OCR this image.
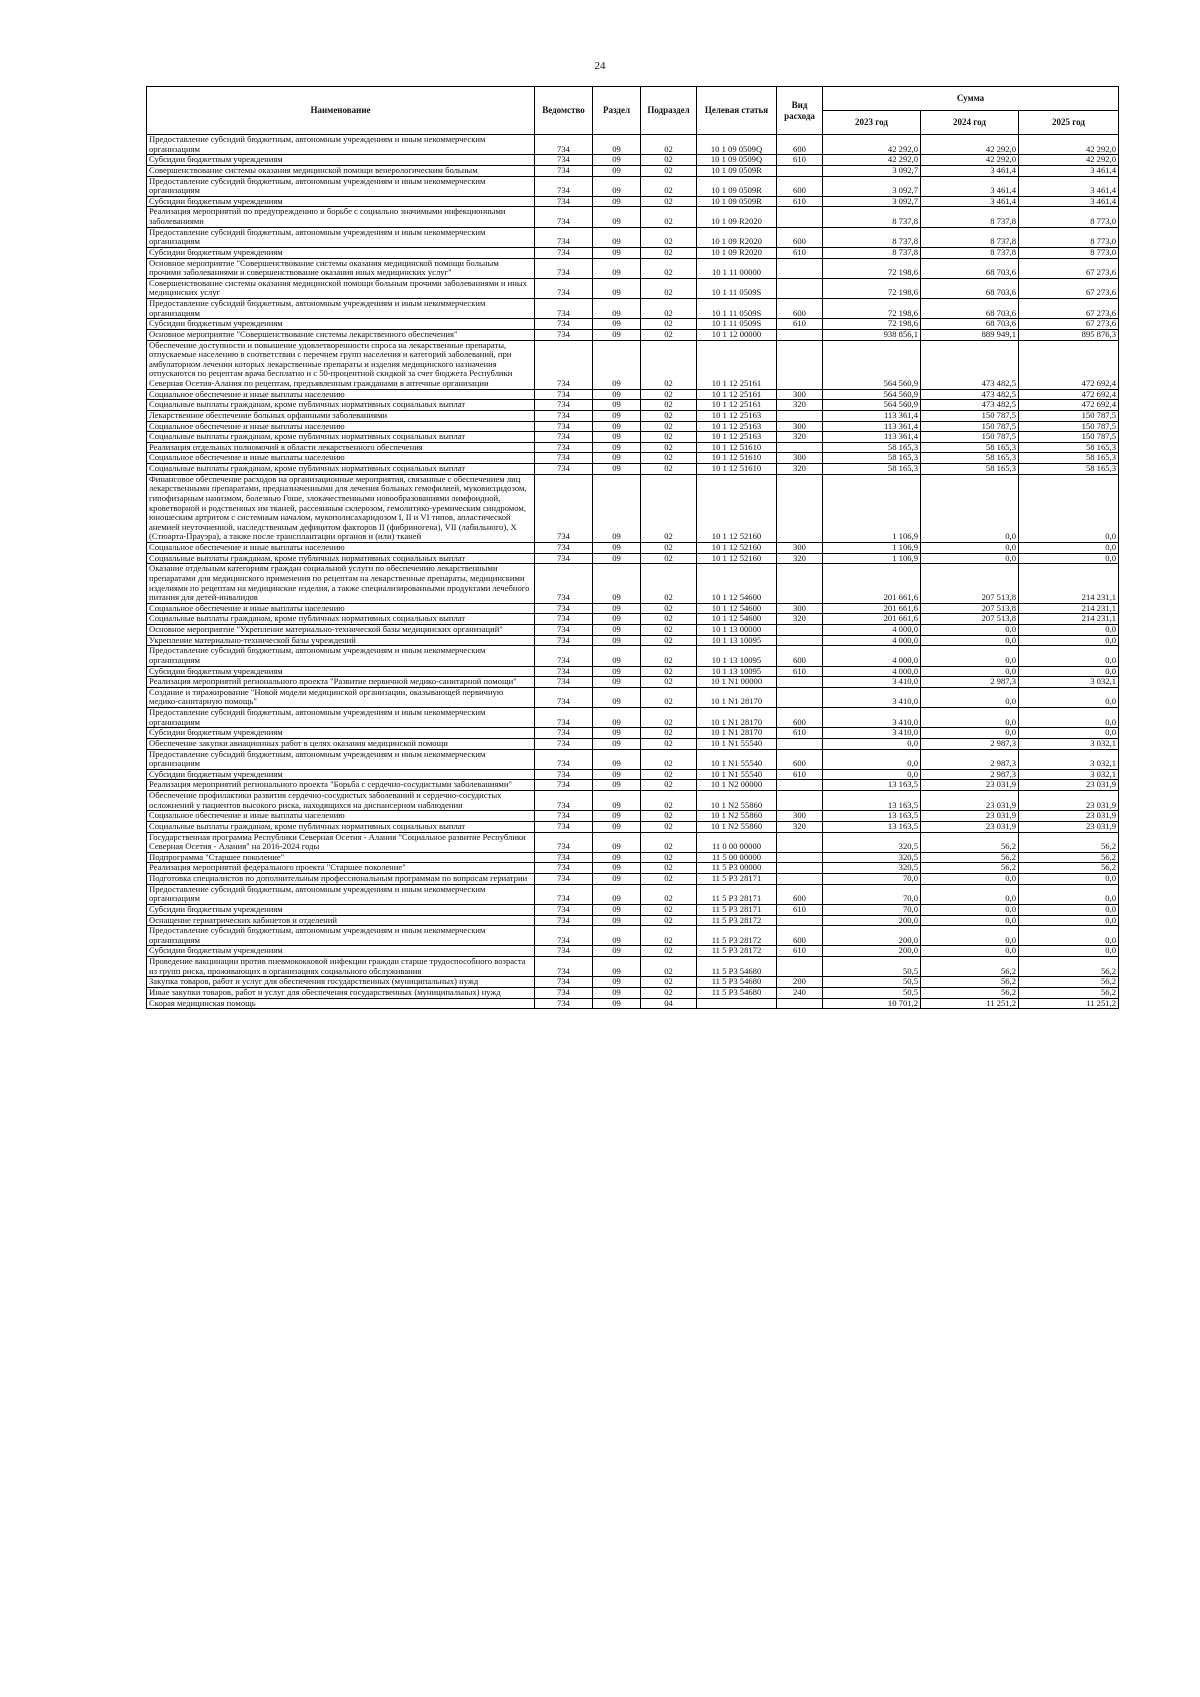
24
Наименование	Ведомство	Раздел	Подраздел	Целевая статья	Вид расхода	Сумма		
						2023 год	2024 год	2025 год
Предоставление субсидий бюджетным, автономным учреждениям и иным некоммерческим организациям	734	09	02	10 1 09 0509Q	600	42 292,0	42 292,0	42 292,0
Субсидии бюджетным учреждениям	734	09	02	10 1 09 0509Q	610	42 292,0	42 292,0	42 292,0
Совершенствование системы оказания медицинской помощи венерологическим больным	734	09	02	10 1 09 0509R		3 092,7	3 461,4	3 461,4
Предоставление субсидий бюджетным, автономным учреждениям и иным некоммерческим организациям	734	09	02	10 1 09 0509R	600	3 092,7	3 461,4	3 461,4
Субсидии бюджетным учреждениям	734	09	02	10 1 09 0509R	610	3 092,7	3 461,4	3 461,4
Реализация мероприятий по предупреждению и борьбе с социально значимыми инфекционными заболеваниями	734	09	02	10 1 09 R2020		8 737,8	8 737,8	8 773,0
Предоставление субсидий бюджетным, автономным учреждениям и иным некоммерческим организациям	734	09	02	10 1 09 R2020	600	8 737,8	8 737,8	8 773,0
Субсидии бюджетным учреждениям	734	09	02	10 1 09 R2020	610	8 737,8	8 737,8	8 773,0
Основное мероприятие "Совершенствование системы оказания медицинской помощи больным прочими заболеваниями и совершенствование оказания иных медицинских услуг"	734	09	02	10 1 11 00000		72 198,6	68 703,6	67 273,6
Совершенствование системы оказания медицинской помощи больным прочими заболеваниями и иных медицинских услуг	734	09	02	10 1 11 0509S		72 198,6	68 703,6	67 273,6
Предоставление субсидий бюджетным, автономным учреждениям и иным некоммерческим организациям	734	09	02	10 1 11 0509S	600	72 198,6	68 703,6	67 273,6
Субсидии бюджетным учреждениям	734	09	02	10 1 11 0509S	610	72 198,6	68 703,6	67 273,6
Основное мероприятие "Совершенствование системы лекарственного обеспечения"	734	09	02	10 1 12 00000		938 856,1	889 949,1	895 876,3
Обеспечение доступности и повышение удовлетворенности спроса на лекарственные препараты, отпускаемые населению в соответствии с перечнем групп населения и категорий заболеваний, при амбулаторном лечении которых лекарственные препараты и изделия медицинского назначения отпускаются по рецептам врача бесплатно и с 50-процентной скидкой за счет бюджета Республики Северная Осетия-Алания по рецептам, предъявленным гражданами в аптечные организации	734	09	02	10 1 12 25161		564 560,9	473 482,5	472 692,4
Социальное обеспечение и иные выплаты населению	734	09	02	10 1 12 25161	300	564 560,9	473 482,5	472 692,4
Социальные выплаты гражданам, кроме публичных нормативных социальных выплат	734	09	02	10 1 12 25161	320	564 560,9	473 482,5	472 692,4
Лекарственное обеспечение больных орфанными заболеваниями	734	09	02	10 1 12 25163		113 361,4	150 787,5	150 787,5
Социальное обеспечение и иные выплаты населению	734	09	02	10 1 12 25163	300	113 361,4	150 787,5	150 787,5
Социальные выплаты гражданам, кроме публичных нормативных социальных выплат	734	09	02	10 1 12 25163	320	113 361,4	150 787,5	150 787,5
Реализация отдельных полномочий в области лекарственного обеспечения	734	09	02	10 1 12 51610		58 165,3	58 165,3	58 165,3
Социальное обеспечение и иные выплаты населению	734	09	02	10 1 12 51610	300	58 165,3	58 165,3	58 165,3
Социальные выплаты гражданам, кроме публичных нормативных социальных выплат	734	09	02	10 1 12 51610	320	58 165,3	58 165,3	58 165,3
Финансовое обеспечение расходов на организационные мероприятия, связанные с обеспечением лиц лекарственными препаратами, предназначенными для лечения больных гемофилией, муковисцидозом, гипофизарным нанизмом, болезнью Гоше, злокачественными новообразованиями лимфоидной, кроветворной и родственных им тканей, рассеянным склерозом, гемолитико-уремическим синдромом, юношеским артритом с системным началом, мукополисахаридозом I, II и VI типов, апластической анемией неуточненной, наследственным дефицитом факторов II (фибриногена), VII (лабильного), X (Стюарта-Прауэра), а также после трансплантации органов и (или) тканей	734	09	02	10 1 12 52160		1 106,9	0,0	0,0
Социальное обеспечение и иные выплаты населению	734	09	02	10 1 12 52160	300	1 106,9	0,0	0,0
Социальные выплаты гражданам, кроме публичных нормативных социальных выплат	734	09	02	10 1 12 52160	320	1 106,9	0,0	0,0
Оказание отдельным категориям граждан социальной услуги по обеспечению лекарственными препаратами для медицинского применения по рецептам на лекарственные препараты, медицинскими изделиями по рецептам на медицинские изделия, а также специализированными продуктами лечебного питания для детей-инвалидов	734	09	02	10 1 12 54600		201 661,6	207 513,8	214 231,1
Социальное обеспечение и иные выплаты населению	734	09	02	10 1 12 54600	300	201 661,6	207 513,8	214 231,1
Социальные выплаты гражданам, кроме публичных нормативных социальных выплат	734	09	02	10 1 12 54600	320	201 661,6	207 513,8	214 231,1
Основное мероприятие "Укрепление материально-технической базы медицинских организаций"	734	09	02	10 1 13 00000		4 000,0	0,0	0,0
Укрепление материально-технической базы учреждений	734	09	02	10 1 13 10095		4 000,0	0,0	0,0
Предоставление субсидий бюджетным, автономным учреждениям и иным некоммерческим организациям	734	09	02	10 1 13 10095	600	4 000,0	0,0	0,0
Субсидии бюджетным учреждениям	734	09	02	10 1 13 10095	610	4 000,0	0,0	0,0
Реализация мероприятий регионального проекта "Развитие первичной медико-санитарной помощи"	734	09	02	10 1 N1 00000		3 410,0	2 987,3	3 032,1
Создание и тиражирование "Новой модели медицинской организации, оказывающей первичную медико-санитарную помощь"	734	09	02	10 1 N1 28170		3 410,0	0,0	0,0
Предоставление субсидий бюджетным, автономным учреждениям и иным некоммерческим организациям	734	09	02	10 1 N1 28170	600	3 410,0	0,0	0,0
Субсидии бюджетным учреждениям	734	09	02	10 1 N1 28170	610	3 410,0	0,0	0,0
Обеспечение закупки авиационных работ в целях оказания медицинской помощи	734	09	02	10 1 N1 55540		0,0	2 987,3	3 032,1
Предоставление субсидий бюджетным, автономным учреждениям и иным некоммерческим организациям	734	09	02	10 1 N1 55540	600	0,0	2 987,3	3 032,1
Субсидии бюджетным учреждениям	734	09	02	10 1 N1 55540	610	0,0	2 987,3	3 032,1
Реализация мероприятий регионального проекта "Борьба с сердечно-сосудистыми заболеваниями"	734	09	02	10 1 N2 00000		13 163,5	23 031,9	23 031,9
Обеспечение профилактики развития сердечно-сосудистых заболеваний и сердечно-сосудистых осложнений у пациентов высокого риска, находящихся на диспансерном наблюдении	734	09	02	10 1 N2 55860		13 163,5	23 031,9	23 031,9
Социальное обеспечение и иные выплаты населению	734	09	02	10 1 N2 55860	300	13 163,5	23 031,9	23 031,9
Социальные выплаты гражданам, кроме публичных нормативных социальных выплат	734	09	02	10 1 N2 55860	320	13 163,5	23 031,9	23 031,9
Государственная программа Республики Северная Осетия - Алания "Социальное развитие Республики Северная Осетия - Алания" на 2016-2024 годы	734	09	02	11 0 00 00000		320,5	56,2	56,2
Подпрограмма "Старшее поколение"	734	09	02	11 5 00 00000		320,5	56,2	56,2
Реализация мероприятий федерального проекта "Старшее поколение"	734	09	02	11 5 P3 00000		320,5	56,2	56,2
Подготовка специалистов по дополнительным профессиональным программам по вопросам гериатрии	734	09	02	11 5 P3 28171		70,0	0,0	0,0
Предоставление субсидий бюджетным, автономным учреждениям и иным некоммерческим организациям	734	09	02	11 5 P3 28171	600	70,0	0,0	0,0
Субсидии бюджетным учреждениям	734	09	02	11 5 P3 28171	610	70,0	0,0	0,0
Оснащение гериатрических кабинетов и отделений	734	09	02	11 5 P3 28172		200,0	0,0	0,0
Предоставление субсидий бюджетным, автономным учреждениям и иным некоммерческим организациям	734	09	02	11 5 P3 28172	600	200,0	0,0	0,0
Субсидии бюджетным учреждениям	734	09	02	11 5 P3 28172	610	200,0	0,0	0,0
Проведение вакцинации против пневмококковой инфекции граждан старше трудоспособного возраста из групп риска, проживающих в организациях социального обслуживания	734	09	02	11 5 P3 54680		50,5	56,2	56,2
Закупка товаров, работ и услуг для обеспечения государственных (муниципальных) нужд	734	09	02	11 5 P3 54680	200	50,5	56,2	56,2
Иные закупки товаров, работ и услуг для обеспечения государственных (муниципальных) нужд	734	09	02	11 5 P3 54680	240	50,5	56,2	56,2
Скорая медицинская помощь	734	09	04			10 701,2	11 251,2	11 251,2
